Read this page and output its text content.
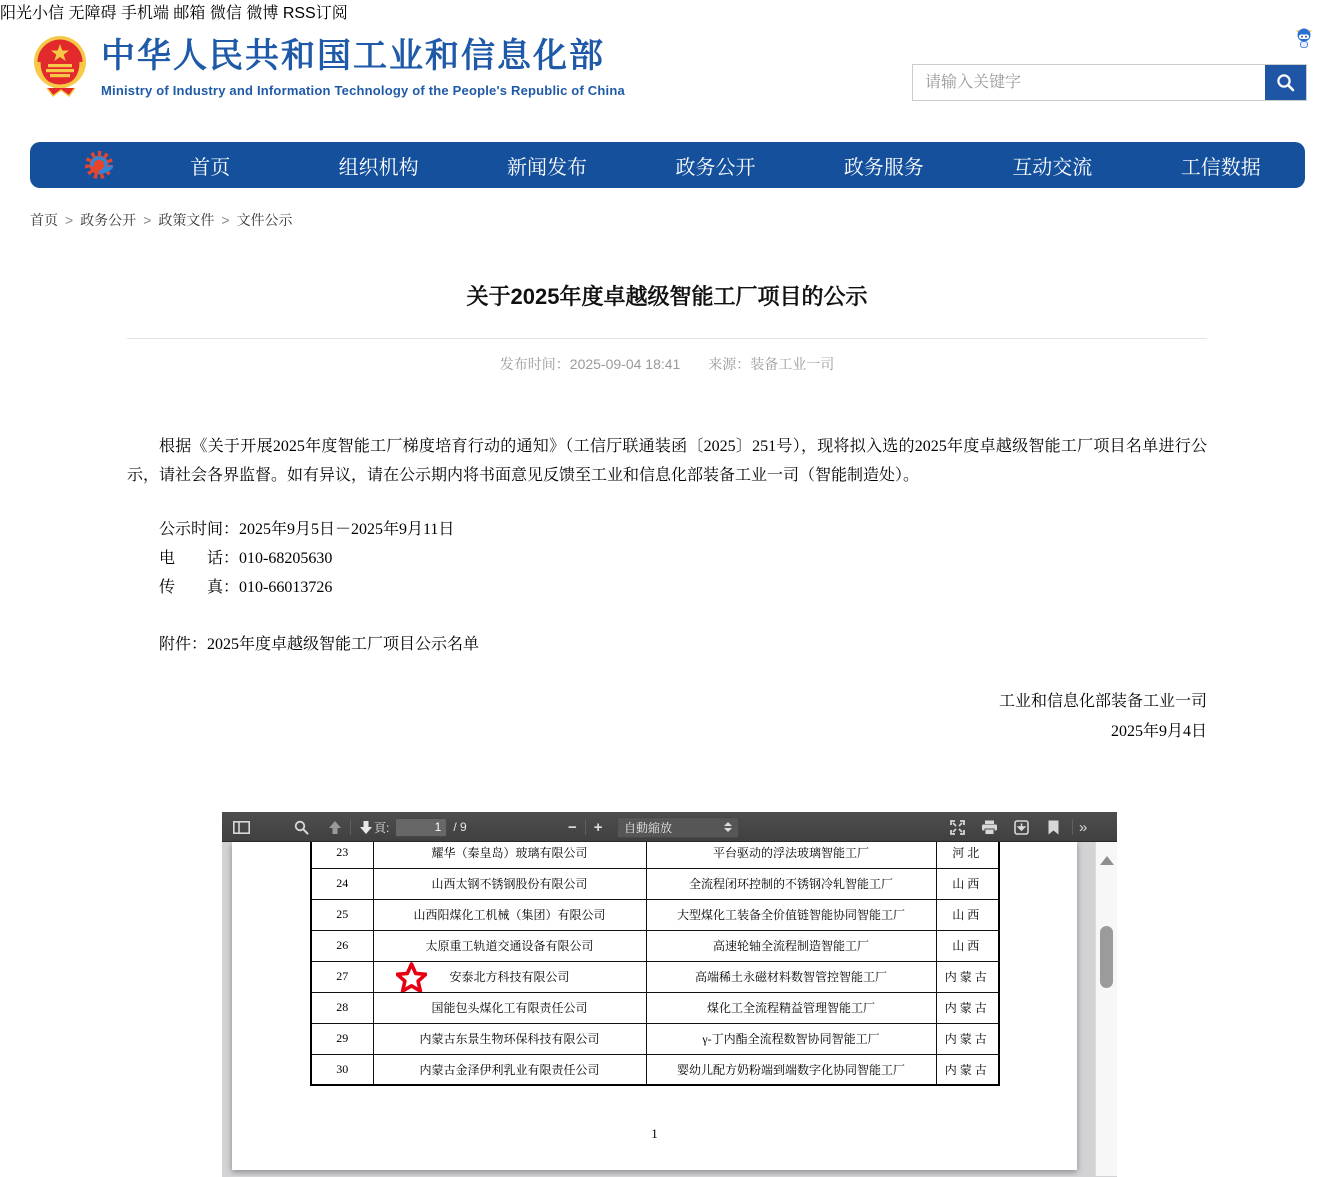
中华人民共和国工业和信息化部
Ministry of Industry and Information Technology of the People's Republic of China
请输入关键字
首页	组织机构	新闻发布	政务公开	政务服务	互动交流	工信数据
首页 >	政务公开 >	政策文件 >	文件公示
关于2025年度卓越级智能工厂项目的公示
发布时间：2025-09-04 18:41 来源：装备工业一司

根据《关于开展2025年度智能工厂梯度培育行动的通知》（工信厅联通装函〔2025〕251号），现将拟入选的2025年度卓越级智能工厂项目名单进行公示，请社会各界监督。如有异议，请在公示期内将书面意见反馈至工业和信息化部装备工业一司（智能制造处）。

公示时间：2025年9月5日－2025年9月11日
电　　话：010-68205630
传　　真：010-66013726
附件：2025年度卓越级智能工厂项目公示名单
工业和信息化部装备工业一司
2025年9月4日
頁:
1	/ 9	−	+	自動縮放	»
23	耀华（秦皇岛）玻璃有限公司	平台驱动的浮法玻璃智能工厂	河北
24	山西太钢不锈钢股份有限公司	全流程闭环控制的不锈钢冷轧智能工厂	山西
25	山西阳煤化工机械（集团）有限公司	大型煤化工装备全价值链智能协同智能工厂	山西
26	太原重工轨道交通设备有限公司	高速轮轴全流程制造智能工厂	山西
27	安泰北方科技有限公司	高端稀土永磁材料数智管控智能工厂	内蒙古
28	国能包头煤化工有限责任公司	煤化工全流程精益管理智能工厂	内蒙古
29	内蒙古东景生物环保科技有限公司	γ-丁内酯全流程数智协同智能工厂	内蒙古
30	内蒙古金泽伊利乳业有限责任公司	婴幼儿配方奶粉端到端数字化协同智能工厂	内蒙古
1
阳光小信 无障碍 手机端 邮箱 微信 微博 RSS订阅
